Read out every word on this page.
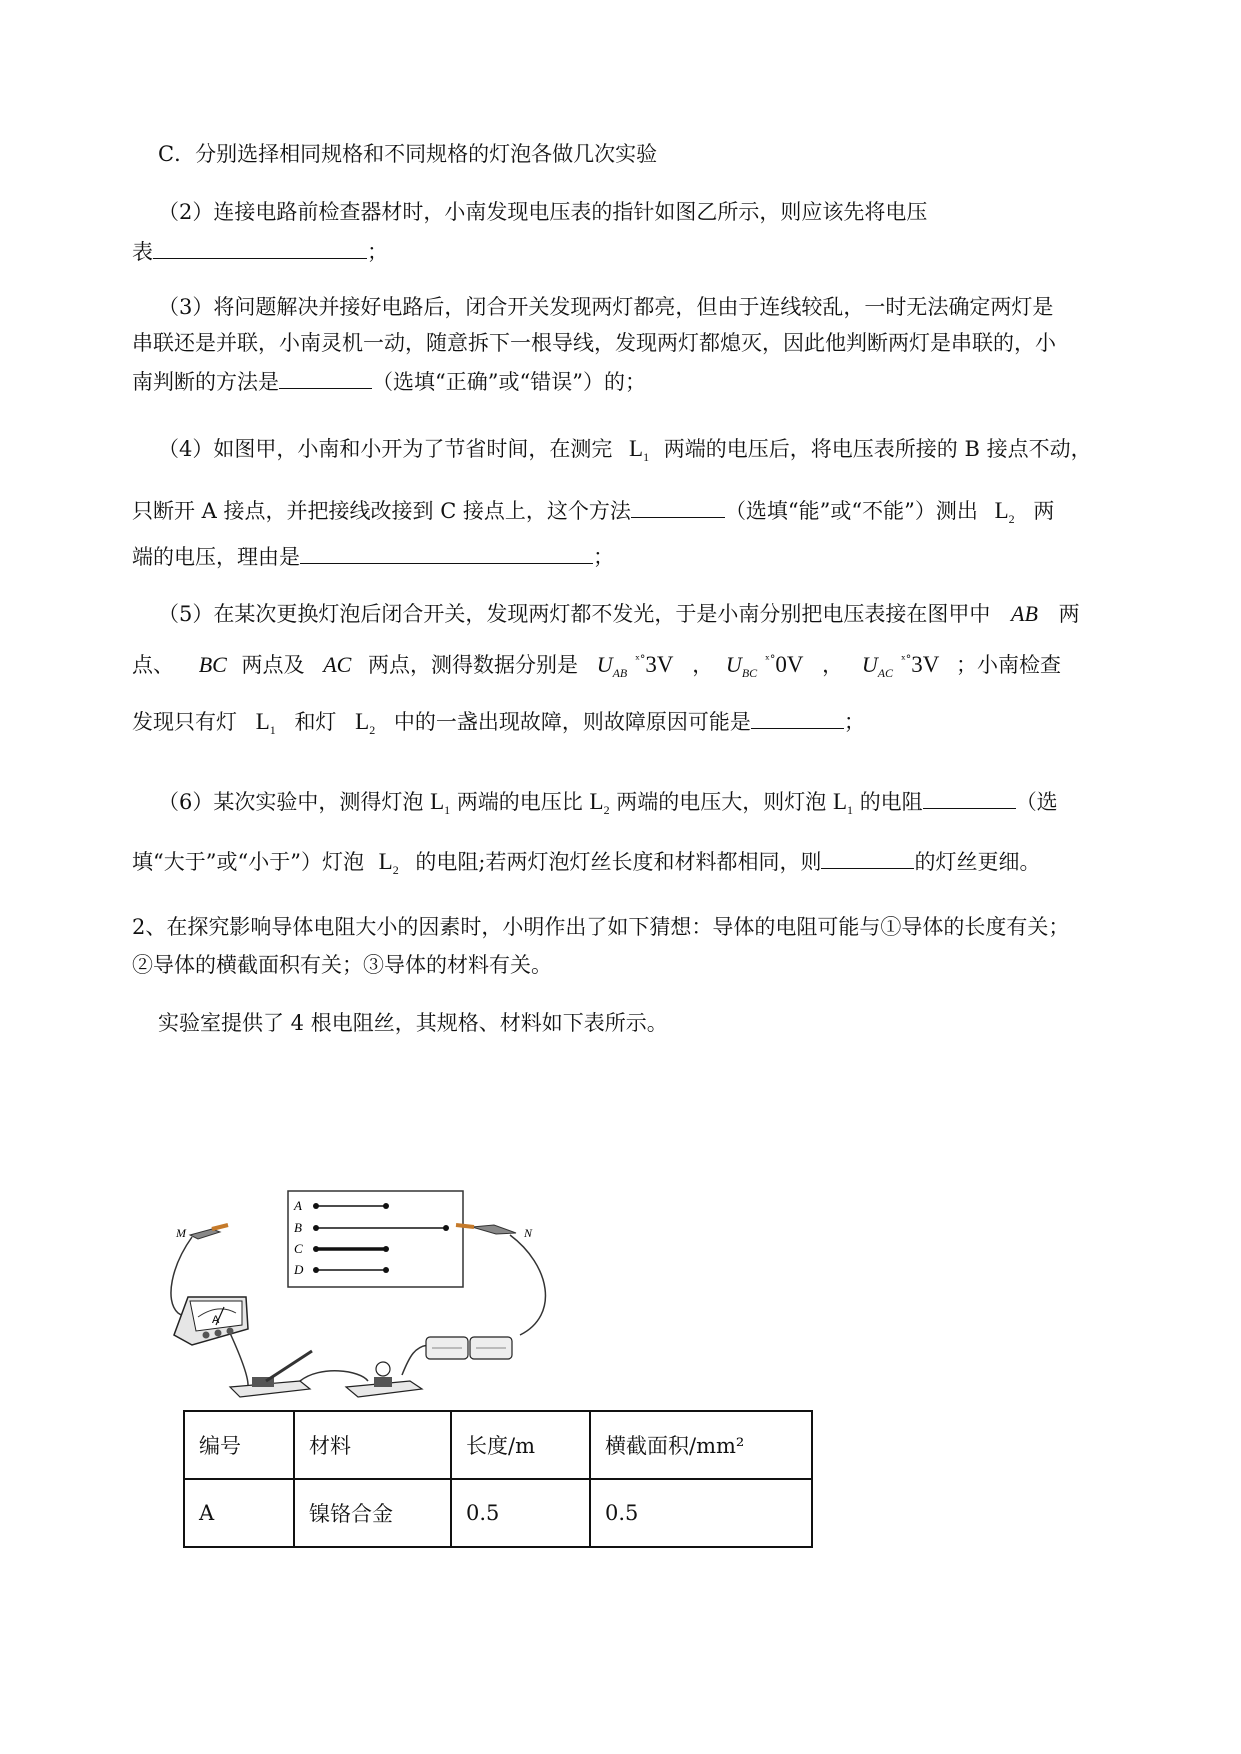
C．分别选择相同规格和不同规格的灯泡各做几次实验
（2）连接电路前检查器材时，小南发现电压表的指针如图乙所示，则应该先将电压
表	；
（3）将问题解决并接好电路后，闭合开关发现两灯都亮，但由于连线较乱，一时无法确定两灯是
串联还是并联，小南灵机一动，随意拆下一根导线，发现两灯都熄灭，因此他判断两灯是串联的，小
南判断的方法是	（选填“正确”或“错误”）的；
（4）如图甲，小南和小开为了节省时间，在测完 $L_1$ 两端的电压后，将电压表所接的 B 接点不动，
只断开 A 接点，并把接线改接到 C 接点上，这个方法	（选填“能”或“不能”）测出 $L_2$ 两
端的电压，理由是	；
（5）在某次更换灯泡后闭合开关，发现两灯都不发光，于是小南分别把电压表接在图甲中 AB 两
点、 BC 两点及 AC 两点，测得数据分别是 $U_{AB}^{ˣ^\circ}3V$ ， $U_{BC}^{ˣ^\circ}0V$ ， $U_{AC}^{ˣ^\circ}3V$ ；小南检查
发现只有灯 $L_1$ 和灯 $L_2$ 中的一盏出现故障，则故障原因可能是	；
（6）某次实验中，测得灯泡 $L_1$ 两端的电压比 $L_2$ 两端的电压大，则灯泡 $L_1$ 的电阻	（选
填“大于”或“小于”）灯泡 $L_2$ 的电阻;若两灯泡灯丝长度和材料都相同，则	的灯丝更细。
2、在探究影响导体电阻大小的因素时，小明作出了如下猜想：导体的电阻可能与①导体的长度有关；
②导体的横截面积有关；③导体的材料有关。
实验室提供了 4 根电阻丝，其规格、材料如下表所示。
A
B
C
D
M	N
A
编号	材料	长度/m	横截面积/mm²
A	镍铬合金	0.5	0.5
